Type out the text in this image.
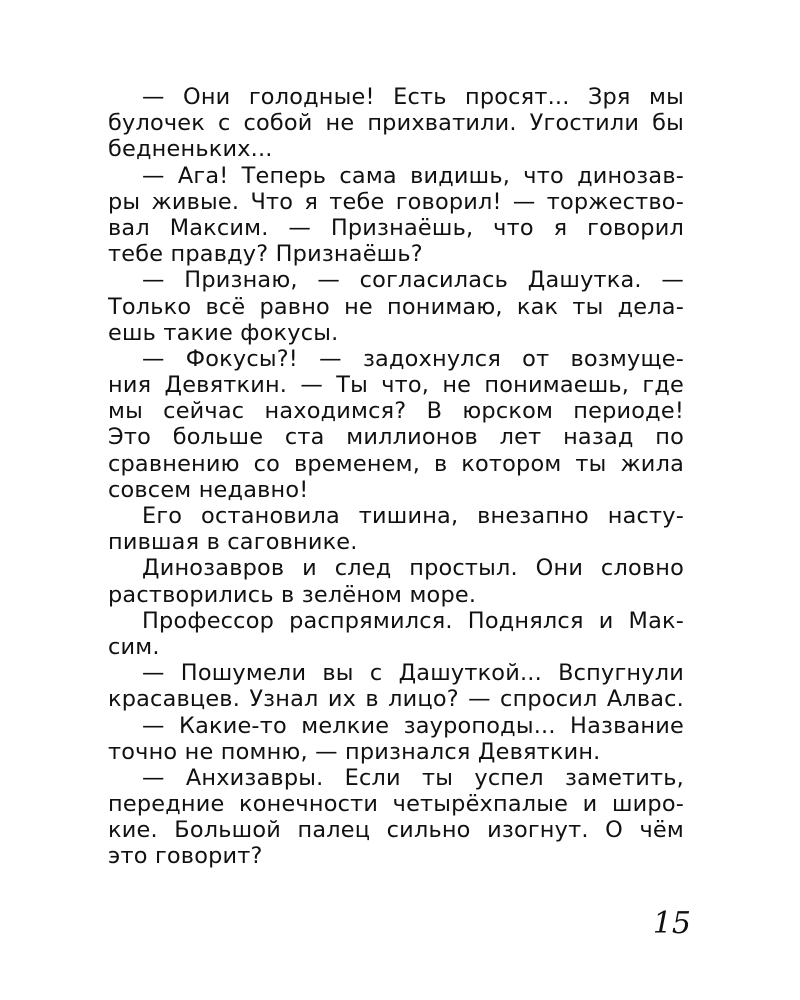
— Они голодные! Есть просят... Зря мы
булочек с собой не прихватили. Угостили бы
бедненьких...
— Ага! Теперь сама видишь, что динозав-
ры живые. Что я тебе говорил! — торжество-
вал Максим. — Признаёшь, что я говорил
тебе правду? Признаёшь?
— Признаю, — согласилась Дашутка. —
Только всё равно не понимаю, как ты дела-
ешь такие фокусы.
— Фокусы?! — задохнулся от возмуще-
ния Девяткин. — Ты что, не понимаешь, где
мы сейчас находимся? В юрском периоде!
Это больше ста миллионов лет назад по
сравнению со временем, в котором ты жила
совсем недавно!
Его остановила тишина, внезапно насту-
пившая в саговнике.
Динозавров и след простыл. Они словно
растворились в зелёном море.
Профессор распрямился. Поднялся и Мак-
сим.
— Пошумели вы с Дашуткой... Вспугнули
красавцев. Узнал их в лицо? — спросил Алвас.
— Какие-то мелкие зауроподы... Название
точно не помню, — признался Девяткин.
— Анхизавры. Если ты успел заметить,
передние конечности четырёхпалые и широ-
кие. Большой палец сильно изогнут. О чём
это говорит?
15
